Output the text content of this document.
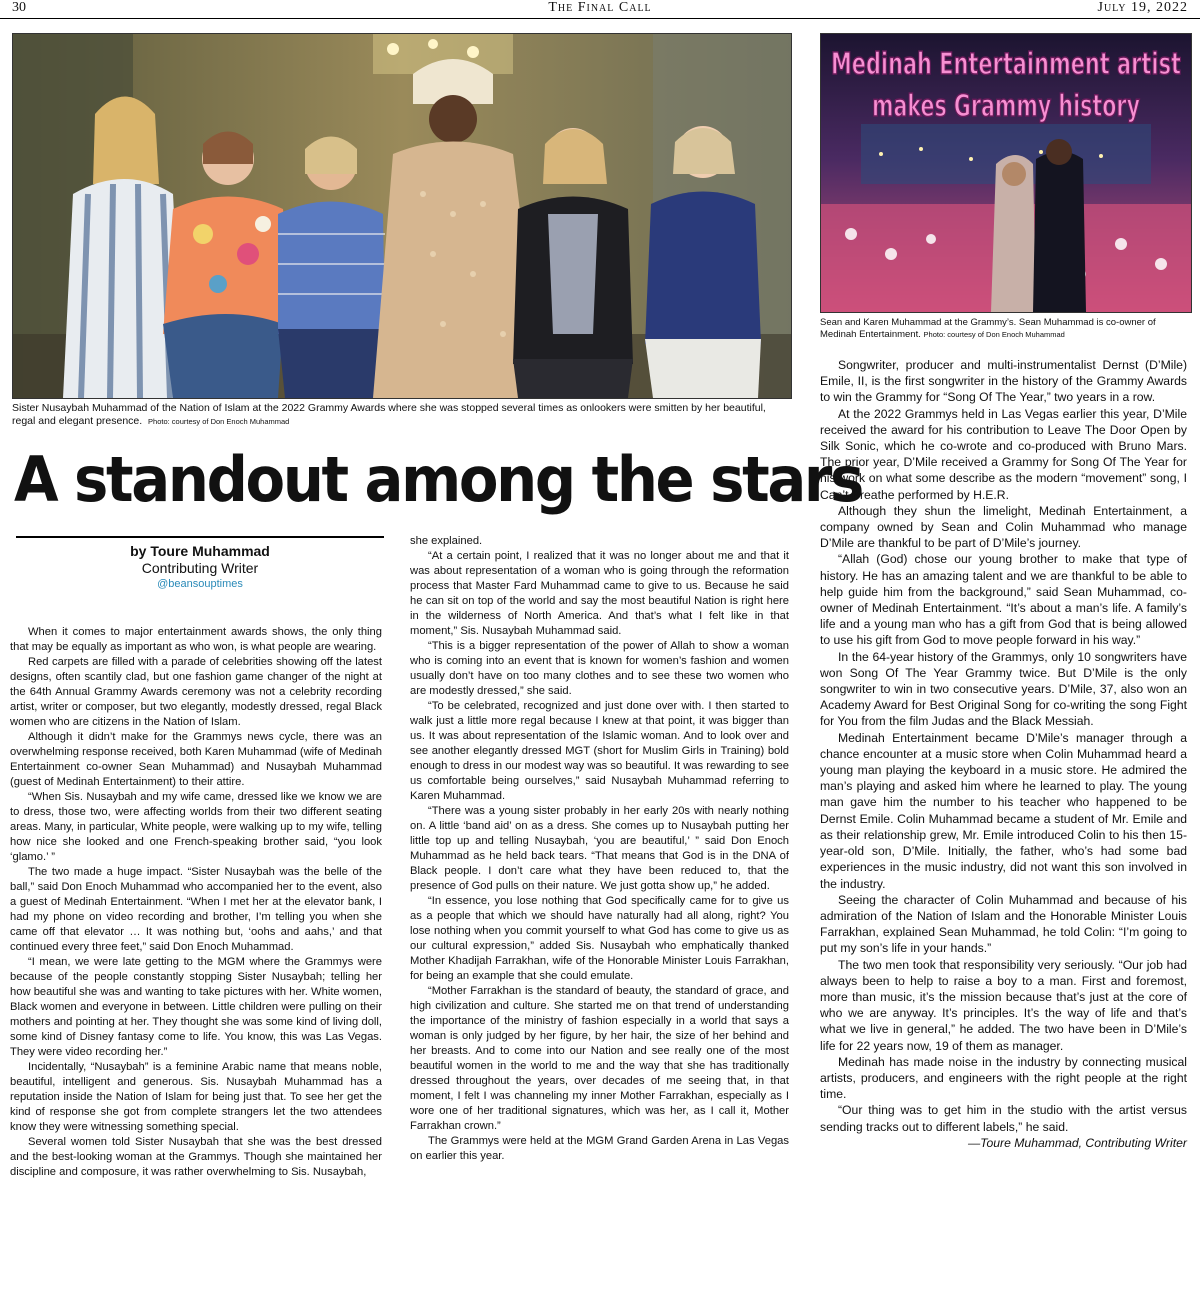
30	The Final Call	July 19, 2022
Sister Nusaybah Muhammad of the Nation of Islam at the 2022 Grammy Awards where she was stopped several times as onlookers were smitten by her beautiful, regal and elegant presence. Photo: courtesy of Don Enoch Muhammad
Medinah Entertainment artist
makes Grammy history
Sean and Karen Muhammad at the Grammy’s. Sean Muhammad is co-owner of Medinah Entertainment. Photo: courtesy of Don Enoch Muhammad
A standout among the stars
by Toure Muhammad
Contributing Writer
@beansouptimes

When it comes to major entertainment awards shows, the only thing that may be equally as important as who won, is what people are wearing.

Red carpets are filled with a parade of celebrities showing off the latest designs, often scantily clad, but one fashion game changer of the night at the 64th Annual Grammy Awards ceremony was not a celebrity recording artist, writer or composer, but two elegantly, modestly dressed, regal Black women who are citizens in the Nation of Islam.

Although it didn’t make for the Grammys news cycle, there was an overwhelming response received, both Karen Muhammad (wife of Medinah Entertainment co-owner Sean Muhammad) and Nusaybah Muhammad (guest of Medinah Entertainment) to their attire.

“When Sis. Nusaybah and my wife came, dressed like we know we are to dress, those two, were affecting worlds from their two different seating areas. Many, in particular, White people, were walking up to my wife, telling how nice she looked and one French-speaking brother said, “you look ‘glamo.’ ”

The two made a huge impact. “Sister Nusaybah was the belle of the ball,” said Don Enoch Muhammad who accompanied her to the event, also a guest of Medinah Entertainment. “When I met her at the elevator bank, I had my phone on video recording and brother, I’m telling you when she came off that elevator … It was nothing but, ‘oohs and aahs,’ and that continued every three feet,” said Don Enoch Muhammad.

“I mean, we were late getting to the MGM where the Grammys were because of the people constantly stopping Sister Nusaybah; telling her how beautiful she was and wanting to take pictures with her. White women, Black women and everyone in between. Little children were pulling on their mothers and pointing at her. They thought she was some kind of living doll, some kind of Disney fantasy come to life. You know, this was Las Vegas. They were video recording her.”

Incidentally, “Nusaybah” is a feminine Arabic name that means noble, beautiful, intelligent and generous. Sis. Nusaybah Muhammad has a reputation inside the Nation of Islam for being just that. To see her get the kind of response she got from complete strangers let the two attendees know they were witnessing something special.

Several women told Sister Nusaybah that she was the best dressed and the best-looking woman at the Grammys. Though she maintained her discipline and composure, it was rather overwhelming to Sis. Nusaybah,

she explained.

“At a certain point, I realized that it was no longer about me and that it was about representation of a woman who is going through the reformation process that Master Fard Muhammad came to give to us. Because he said he can sit on top of the world and say the most beautiful Nation is right here in the wilderness of North America. And that’s what I felt like in that moment,” Sis. Nusaybah Muhammad said.

“This is a bigger representation of the power of Allah to show a woman who is coming into an event that is known for women’s fashion and women usually don’t have on too many clothes and to see these two women who are modestly dressed,” she said.

“To be celebrated, recognized and just done over with. I then started to walk just a little more regal because I knew at that point, it was bigger than us. It was about representation of the Islamic woman. And to look over and see another elegantly dressed MGT (short for Muslim Girls in Training) bold enough to dress in our modest way was so beautiful. It was rewarding to see us comfortable being ourselves,” said Nusaybah Muhammad referring to Karen Muhammad.

“There was a young sister probably in her early 20s with nearly nothing on. A little ‘band aid’ on as a dress. She comes up to Nusaybah putting her little top up and telling Nusaybah, ‘you are beautiful,’ ” said Don Enoch Muhammad as he held back tears. “That means that God is in the DNA of Black people. I don’t care what they have been reduced to, that the presence of God pulls on their nature. We just gotta show up,” he added.

“In essence, you lose nothing that God specifically came for to give us as a people that which we should have naturally had all along, right? You lose nothing when you commit yourself to what God has come to give us as our cultural expression,” added Sis. Nusaybah who emphatically thanked Mother Khadijah Farrakhan, wife of the Honorable Minister Louis Farrakhan, for being an example that she could emulate.

“Mother Farrakhan is the standard of beauty, the standard of grace, and high civilization and culture. She started me on that trend of understanding the importance of the ministry of fashion especially in a world that says a woman is only judged by her figure, by her hair, the size of her behind and her breasts. And to come into our Nation and see really one of the most beautiful women in the world to me and the way that she has traditionally dressed throughout the years, over decades of me seeing that, in that moment, I felt I was channeling my inner Mother Farrakhan, especially as I wore one of her traditional signatures, which was her, as I call it, Mother Farrakhan crown.”

The Grammys were held at the MGM Grand Garden Arena in Las Vegas on earlier this year.

Songwriter, producer and multi-instrumentalist Dernst (D’Mile) Emile, II, is the first songwriter in the history of the Grammy Awards to win the Grammy for “Song Of The Year,” two years in a row.

At the 2022 Grammys held in Las Vegas earlier this year, D’Mile received the award for his contribution to Leave The Door Open by Silk Sonic, which he co-wrote and co-produced with Bruno Mars. The prior year, D’Mile received a Grammy for Song Of The Year for his work on what some describe as the modern “movement” song, I Can’t Breathe performed by H.E.R.

Although they shun the limelight, Medinah Entertainment, a company owned by Sean and Colin Muhammad who manage D’Mile are thankful to be part of D’Mile’s journey.

“Allah (God) chose our young brother to make that type of history. He has an amazing talent and we are thankful to be able to help guide him from the background,” said Sean Muhammad, co-owner of Medinah Entertainment. “It’s about a man’s life. A family’s life and a young man who has a gift from God that is being allowed to use his gift from God to move people forward in his way.”

In the 64-year history of the Grammys, only 10 songwriters have won Song Of The Year Grammy twice. But D’Mile is the only songwriter to win in two consecutive years. D’Mile, 37, also won an Academy Award for Best Original Song for co-writing the song Fight for You from the film Judas and the Black Messiah.

Medinah Entertainment became D’Mile’s manager through a chance encounter at a music store when Colin Muhammad heard a young man playing the keyboard in a music store. He admired the man’s playing and asked him where he learned to play. The young man gave him the number to his teacher who happened to be Dernst Emile. Colin Muhammad became a student of Mr. Emile and as their relationship grew, Mr. Emile introduced Colin to his then 15-year-old son, D’Mile. Initially, the father, who’s had some bad experiences in the music industry, did not want this son involved in the industry.

Seeing the character of Colin Muhammad and because of his admiration of the Nation of Islam and the Honorable Minister Louis Farrakhan, explained Sean Muhammad, he told Colin: “I’m going to put my son’s life in your hands.”

The two men took that responsibility very seriously. “Our job had always been to help to raise a boy to a man. First and foremost, more than music, it’s the mission because that’s just at the core of who we are anyway. It’s principles. It’s the way of life and that’s what we live in general,” he added. The two have been in D’Mile’s life for 22 years now, 19 of them as manager.

Medinah has made noise in the industry by connecting musical artists, producers, and engineers with the right people at the right time.

“Our thing was to get him in the studio with the artist versus sending tracks out to different labels,” he said.

—Toure Muhammad, Contributing Writer
